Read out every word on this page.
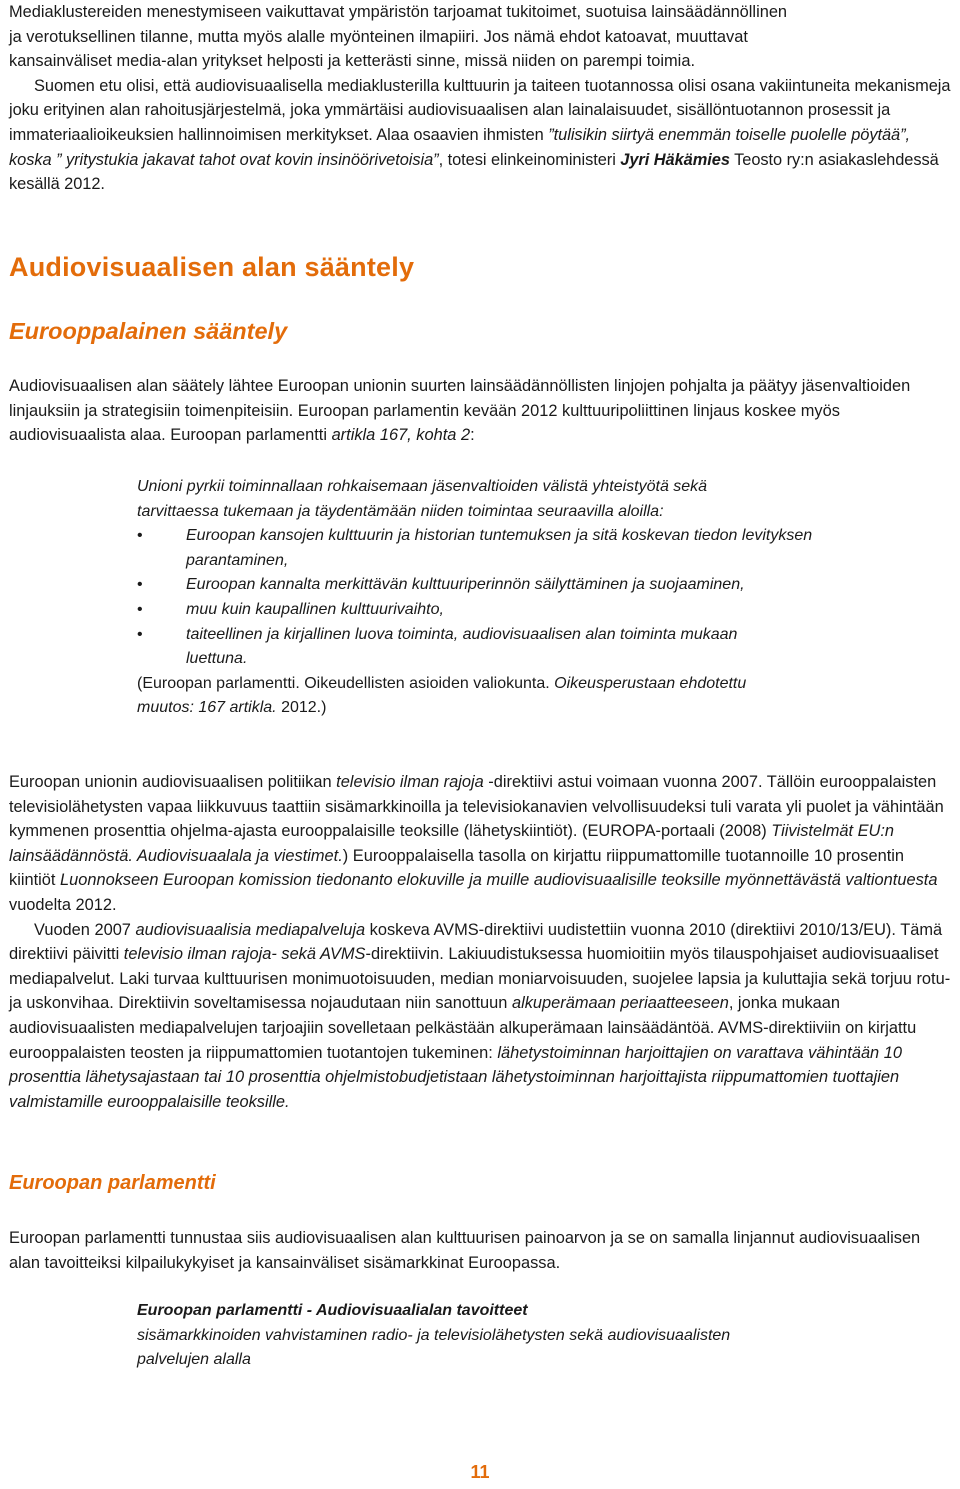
Mediaklustereiden menestymiseen vaikuttavat ympäristön tarjoamat tukitoimet, suotuisa lainsäädännöllinen
ja verotuksellinen tilanne, mutta myös alalle myönteinen ilmapiiri. Jos nämä ehdot katoavat, muuttavat
kansainväliset media-alan yritykset helposti ja ketterästi sinne, missä niiden on parempi toimia.

Suomen etu olisi, että audiovisuaalisella mediaklusterilla kulttuurin ja taiteen tuotannossa olisi osana vakiintuneita mekanismeja joku erityinen alan rahoitusjärjestelmä, joka ymmärtäisi audiovisuaalisen alan lainalaisuudet, sisällöntuotannon prosessit ja immateriaalioikeuksien hallinnoimisen merkitykset. Alaa osaavien ihmisten ”tulisikin siirtyä enemmän toiselle puolelle pöytää”, koska ” yritystukia jakavat tahot ovat kovin insinöörivetoisia”, totesi elinkeinoministeri Jyri Häkämies Teosto ry:n asiakaslehdessä kesällä 2012.

Audiovisuaalisen alan sääntely
Eurooppalainen sääntely

Audiovisuaalisen alan säätely lähtee Euroopan unionin suurten lainsäädännöllisten linjojen pohjalta ja päätyy jäsenvaltioiden linjauksiin ja strategisiin toimenpiteisiin. Euroopan parlamentin kevään 2012 kulttuuripoliittinen linjaus koskee myös audiovisuaalista alaa. Euroopan parlamentti artikla 167, kohta 2:

Unioni pyrkii toiminnallaan rohkaisemaan jäsenvaltioiden välistä yhteistyötä sekä
tarvittaessa tukemaan ja täydentämään niiden toimintaa seuraavilla aloilla:

•	Euroopan kansojen kulttuurin ja historian tuntemuksen ja sitä koskevan tiedon levityksen parantaminen,
•	Euroopan kannalta merkittävän kulttuuriperinnön säilyttäminen ja suojaaminen,
•	muu kuin kaupallinen kulttuurivaihto,
•	taiteellinen ja kirjallinen luova toiminta, audiovisuaalisen alan toiminta mukaan luettuna.

(Euroopan parlamentti. Oikeudellisten asioiden valiokunta. Oikeusperustaan ehdotettu muutos: 167 artikla. 2012.)

Euroopan unionin audiovisuaalisen politiikan televisio ilman rajoja -direktiivi astui voimaan vuonna 2007. Tällöin eurooppalaisten televisiolähetysten vapaa liikkuvuus taattiin sisämarkkinoilla ja televisiokanavien velvollisuudeksi tuli varata yli puolet ja vähintään kymmenen prosenttia ohjelma-ajasta eurooppalaisille teoksille (lähetyskiintiöt). (EUROPA-portaali (2008) Tiivistelmät EU:n lainsäädännöstä. Audiovisuaalala ja viestimet.) Eurooppalaisella tasolla on kirjattu riippumattomille tuotannoille 10 prosentin kiintiöt Luonnokseen Euroopan komission tiedonanto elokuville ja muille audiovisuaalisille teoksille myönnettävästä valtiontuesta vuodelta 2012.

Vuoden 2007 audiovisuaalisia mediapalveluja koskeva AVMS-direktiivi uudistettiin vuonna 2010 (direktiivi 2010/13/EU). Tämä direktiivi päivitti televisio ilman rajoja- sekä AVMS-direktiivin. Lakiuudistuksessa huomioitiin myös tilauspohjaiset audiovisuaaliset mediapalvelut. Laki turvaa kulttuurisen monimuotoisuuden, median moniarvoisuuden, suojelee lapsia ja kuluttajia sekä torjuu rotu- ja uskonvihaa. Direktiivin soveltamisessa nojaudutaan niin sanottuun alkuperämaan periaatteeseen, jonka mukaan audiovisuaalisten mediapalvelujen tarjoajiin sovelletaan pelkästään alkuperämaan lainsäädäntöä. AVMS-direktiiviin on kirjattu eurooppalaisten teosten ja riippumattomien tuotantojen tukeminen: lähetystoiminnan harjoittajien on varattava vähintään 10 prosenttia lähetysajastaan tai 10 prosenttia ohjelmistobudjetistaan lähetystoiminnan harjoittajista riippumattomien tuottajien valmistamille eurooppalaisille teoksille.

Euroopan parlamentti

Euroopan parlamentti tunnustaa siis audiovisuaalisen alan kulttuurisen painoarvon ja se on samalla linjannut audiovisuaalisen alan tavoitteiksi kilpailukykyiset ja kansainväliset sisämarkkinat Euroopassa.

Euroopan parlamentti - Audiovisuaalialan tavoitteet
sisämarkkinoiden vahvistaminen radio- ja televisiolähetysten sekä audiovisuaalisten
palvelujen alalla

11
